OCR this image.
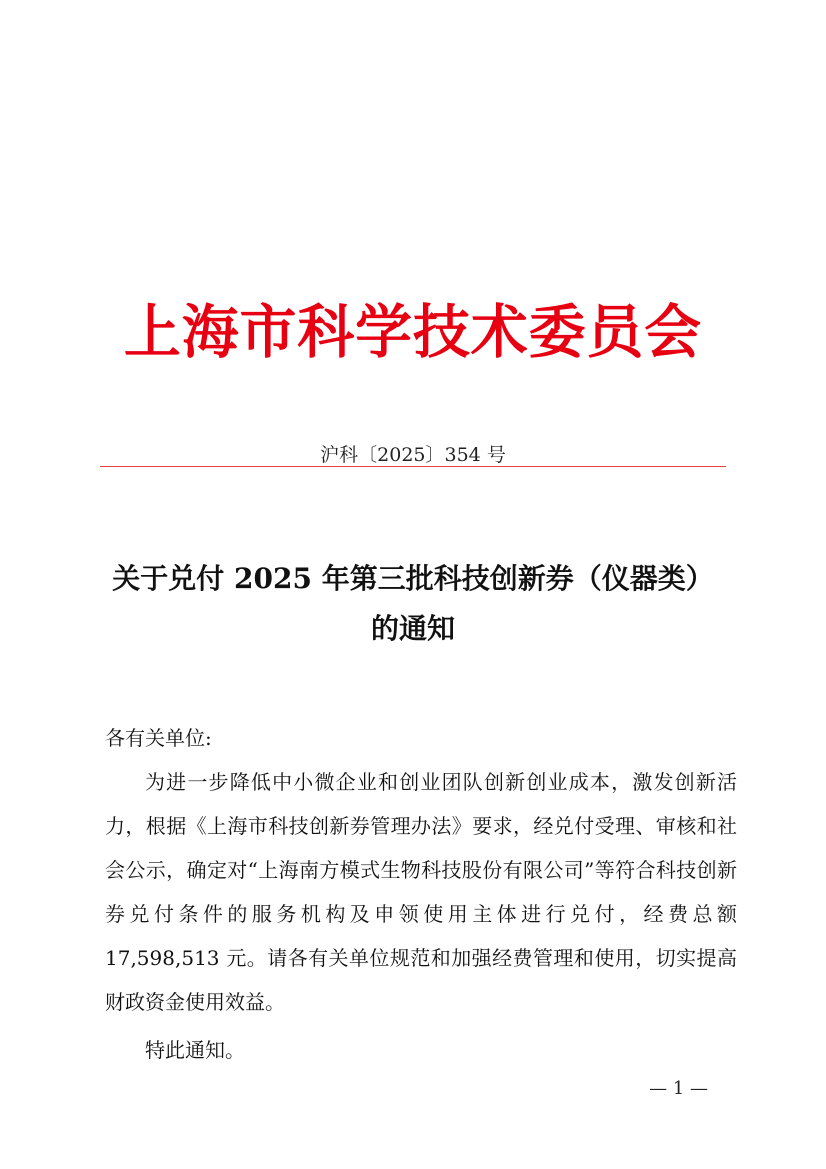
上海市科学技术委员会
沪科〔2025〕354 号
关于兑付 2025 年第三批科技创新券（仪器类）
的通知

各有关单位:

为进一步降低中小微企业和创业团队创新创业成本，激发创新活力，根据《上海市科技创新券管理办法》要求，经兑付受理、审核和社会公示，确定对“上海南方模式生物科技股份有限公司”等符合科技创新券兑付条件的服务机构及申领使用主体进行兑付，经费总额 17,598,513 元。请各有关单位规范和加强经费管理和使用，切实提高财政资金使用效益。

特此通知。

— 1 —
